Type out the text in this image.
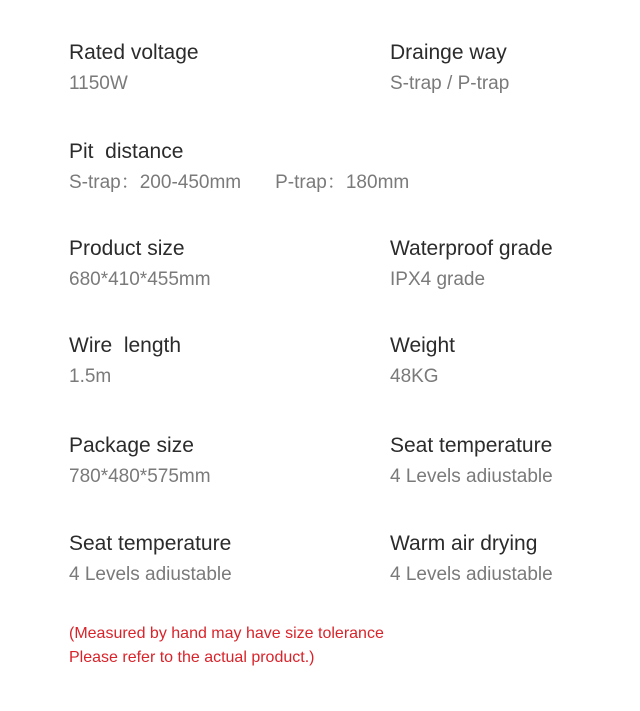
Rated voltage
1150W
Drainge way
S-trap / P-trap
Pit  distance
S-trap：200-450mm P-trap：180mm
Product size
680*410*455mm
Waterproof grade
IPX4 grade
Wire  length
1.5m
Weight
48KG
Package size
780*480*575mm
Seat temperature
4 Levels adiustable
Seat temperature
4 Levels adiustable
Warm air drying
4 Levels adiustable
(Measured by hand may have size tolerance
Please refer to the actual product.)
